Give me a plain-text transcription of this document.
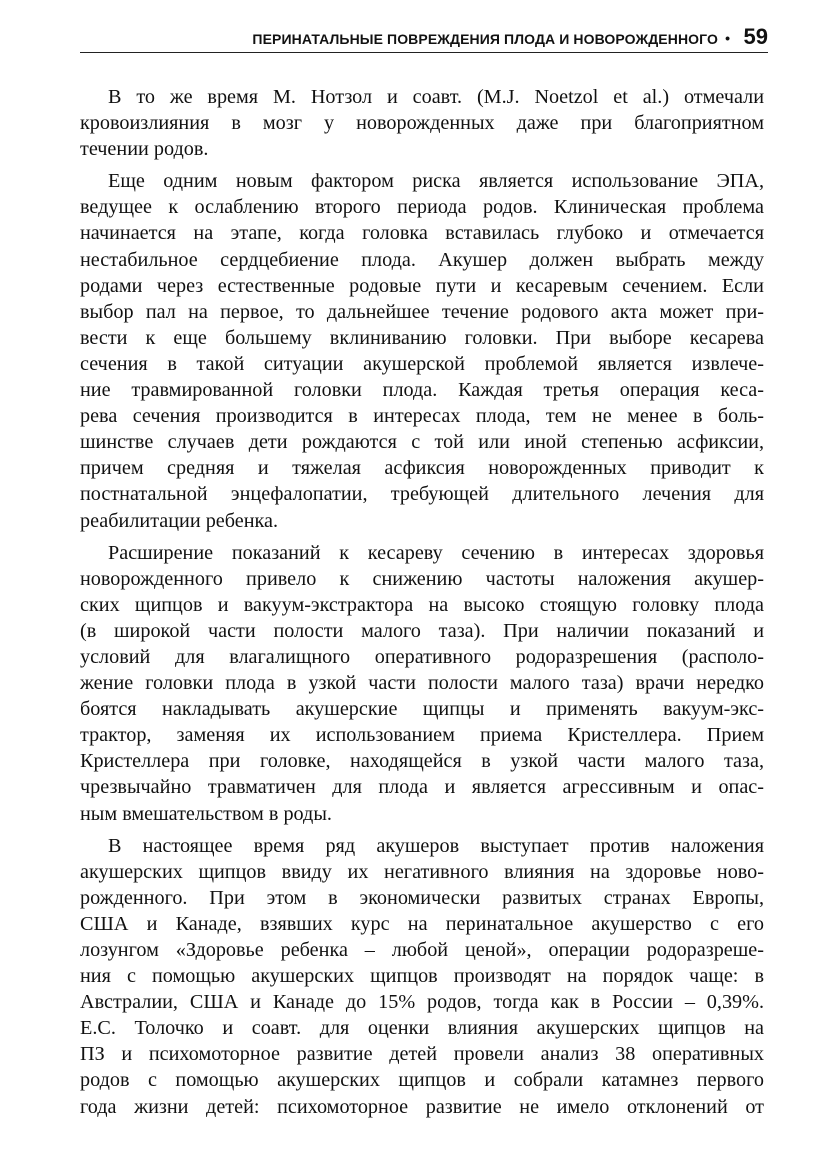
ПЕРИНАТАЛЬНЫЕ ПОВРЕЖДЕНИЯ ПЛОДА И НОВОРОЖДЕННОГО • 59
В то же время М. Нотзол и соавт. (M.J. Noetzol et al.) отмечали
кровоизлияния в мозг у новорожденных даже при благоприятном
течении родов.
Еще одним новым фактором риска является использование ЭПА,
ведущее к ослаблению второго периода родов. Клиническая проблема
начинается на этапе, когда головка вставилась глубоко и отмечается
нестабильное сердцебиение плода. Акушер должен выбрать между
родами через естественные родовые пути и кесаревым сечением. Если
выбор пал на первое, то дальнейшее течение родового акта может при-
вести к еще большему вклиниванию головки. При выборе кесарева
сечения в такой ситуации акушерской проблемой является извлече-
ние травмированной головки плода. Каждая третья операция кеса-
рева сечения производится в интересах плода, тем не менее в боль-
шинстве случаев дети рождаются с той или иной степенью асфиксии,
причем средняя и тяжелая асфиксия новорожденных приводит к
постнатальной энцефалопатии, требующей длительного лечения для
реабилитации ребенка.
Расширение показаний к кесареву сечению в интересах здоровья
новорожденного привело к снижению частоты наложения акушер-
ских щипцов и вакуум-экстрактора на высоко стоящую головку плода
(в широкой части полости малого таза). При наличии показаний и
условий для влагалищного оперативного родоразрешения (располо-
жение головки плода в узкой части полости малого таза) врачи нередко
боятся накладывать акушерские щипцы и применять вакуум-экс-
трактор, заменяя их использованием приема Кристеллера. Прием
Кристеллера при головке, находящейся в узкой части малого таза,
чрезвычайно травматичен для плода и является агрессивным и опас-
ным вмешательством в роды.
В настоящее время ряд акушеров выступает против наложения
акушерских щипцов ввиду их негативного влияния на здоровье ново-
рожденного. При этом в экономически развитых странах Европы,
США и Канаде, взявших курс на перинатальное акушерство с его
лозунгом «Здоровье ребенка – любой ценой», операции родоразреше-
ния с помощью акушерских щипцов производят на порядок чаще: в
Австралии, США и Канаде до 15% родов, тогда как в России – 0,39%.
Е.С. Толочко и соавт. для оценки влияния акушерских щипцов на
ПЗ и психомоторное развитие детей провели анализ 38 оперативных
родов с помощью акушерских щипцов и собрали катамнез первого
года жизни детей: психомоторное развитие не имело отклонений от
